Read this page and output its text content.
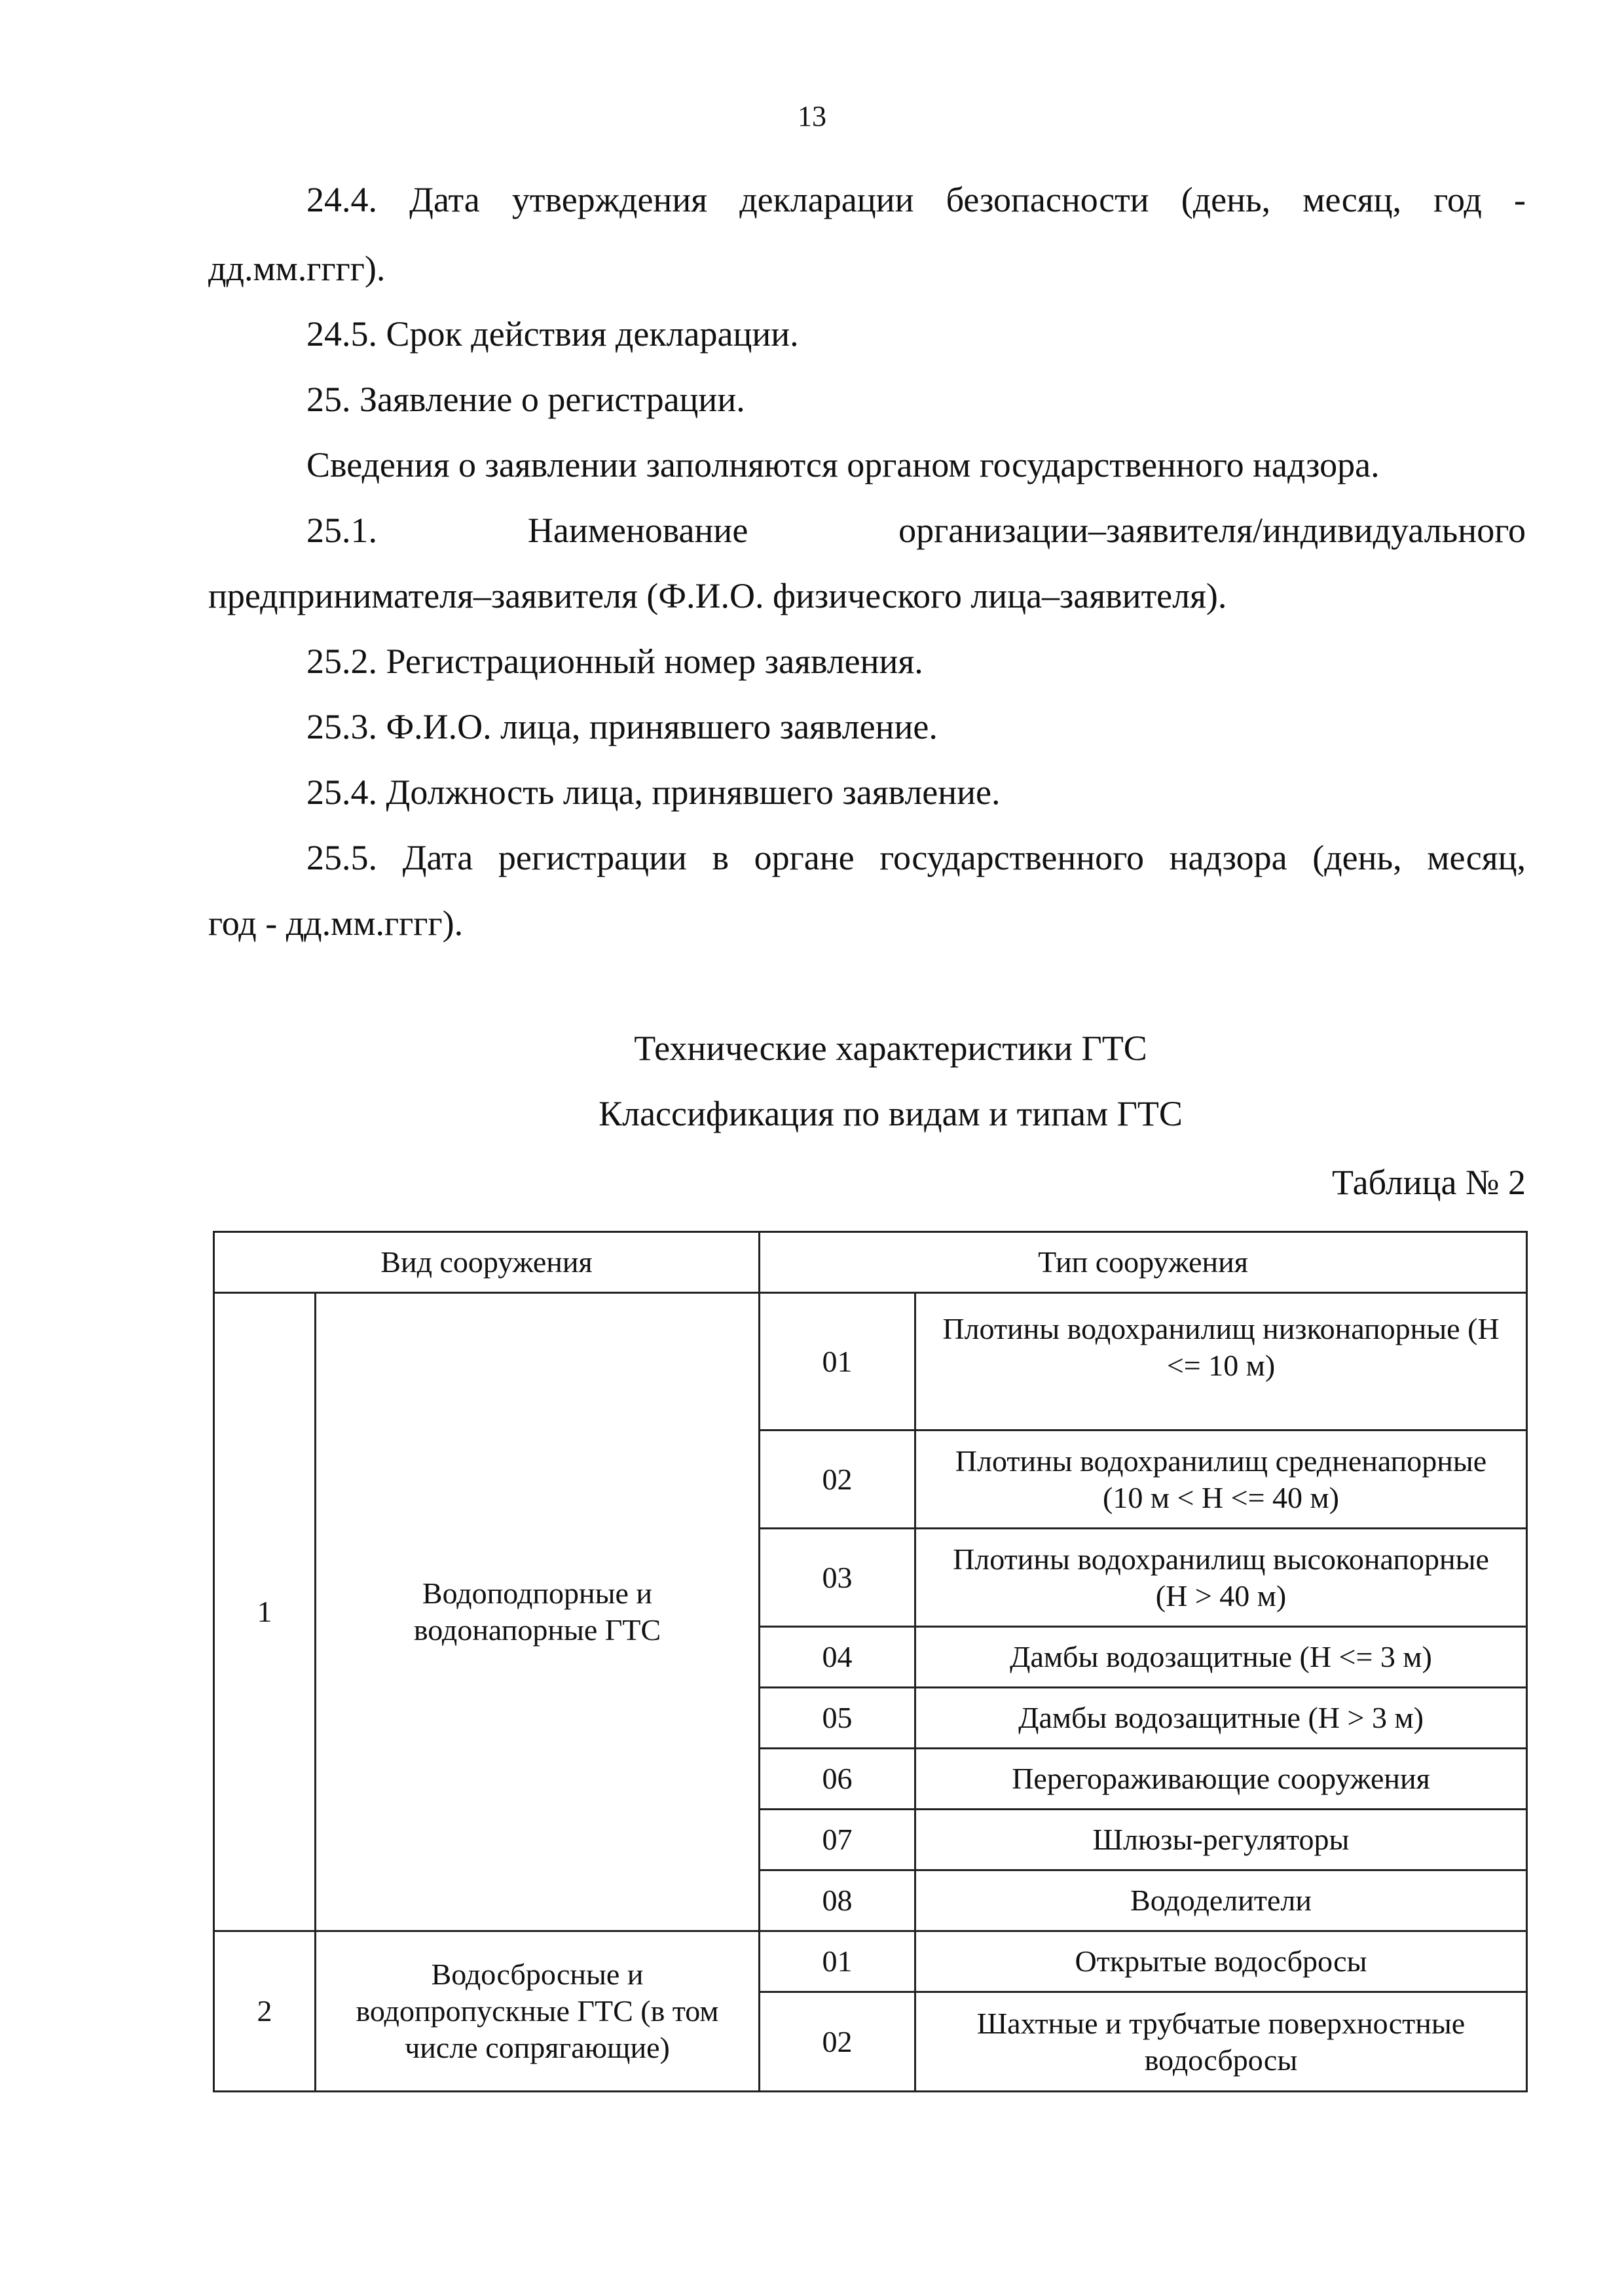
13
24.4. Дата утверждения декларации безопасности (день, месяц, год -
дд.мм.гггг).
24.5. Срок действия декларации.
25. Заявление о регистрации.
Сведения о заявлении заполняются органом государственного надзора.
25.1. Наименование организации–заявителя/индивидуального
предпринимателя–заявителя (Ф.И.О. физического лица–заявителя).
25.2. Регистрационный номер заявления.
25.3. Ф.И.О. лица, принявшего заявление.
25.4. Должность лица, принявшего заявление.
25.5. Дата регистрации в органе государственного надзора (день, месяц,
год - дд.мм.гггг).
Технические характеристики ГТС
Классификация по видам и типам ГТС
Таблица № 2
Вид сооружения		Тип сооружения	
1	Водоподпорные и водонапорные ГТС	01	Плотины водохранилищ низконапорные (Н <= 10 м)
		02	Плотины водохранилищ средненапорные (10 м < Н <= 40 м)
		03	Плотины водохранилищ высоконапорные (Н > 40 м)
		04	Дамбы водозащитные (Н <= 3 м)
		05	Дамбы водозащитные (Н > 3 м)
		06	Перегораживающие сооружения
		07	Шлюзы-регуляторы
		08	Вододелители
2	Водосбросные и водопропускные ГТС (в том числе сопрягающие)	01	Открытые водосбросы
		02	Шахтные и трубчатые поверхностные водосбросы
